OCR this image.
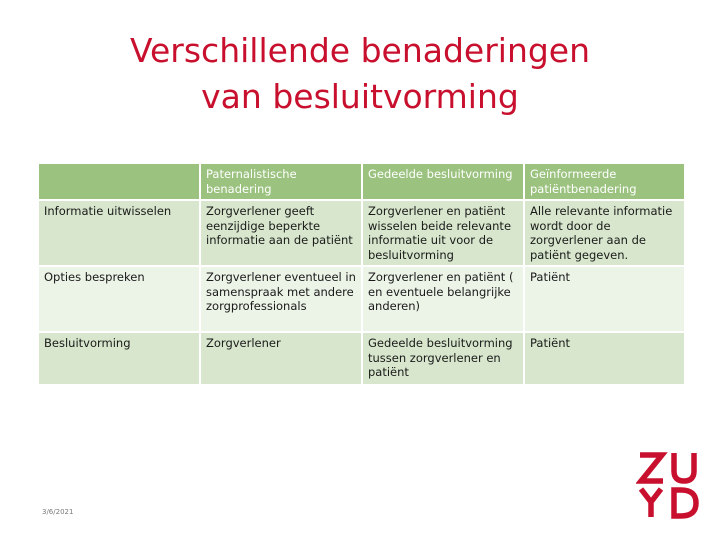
Verschillende benaderingen
van besluitvorming
	Paternalistische benadering	Gedeelde besluitvorming	Geïnformeerde patiëntbenadering
Informatie uitwisselen	Zorgverlener geeft eenzijdige beperkte informatie aan de patiënt	Zorgverlener en patiënt wisselen beide relevante informatie uit voor de besluitvorming	Alle relevante informatie wordt door de zorgverlener aan de patiënt gegeven.
Opties bespreken	Zorgverlener eventueel in samenspraak met andere zorgprofessionals	Zorgverlener en patiënt ( en eventuele belangrijke anderen)	Patiënt
Besluitvorming	Zorgverlener	Gedeelde besluitvorming tussen zorgverlener en patiënt	Patiënt
3/6/2021
